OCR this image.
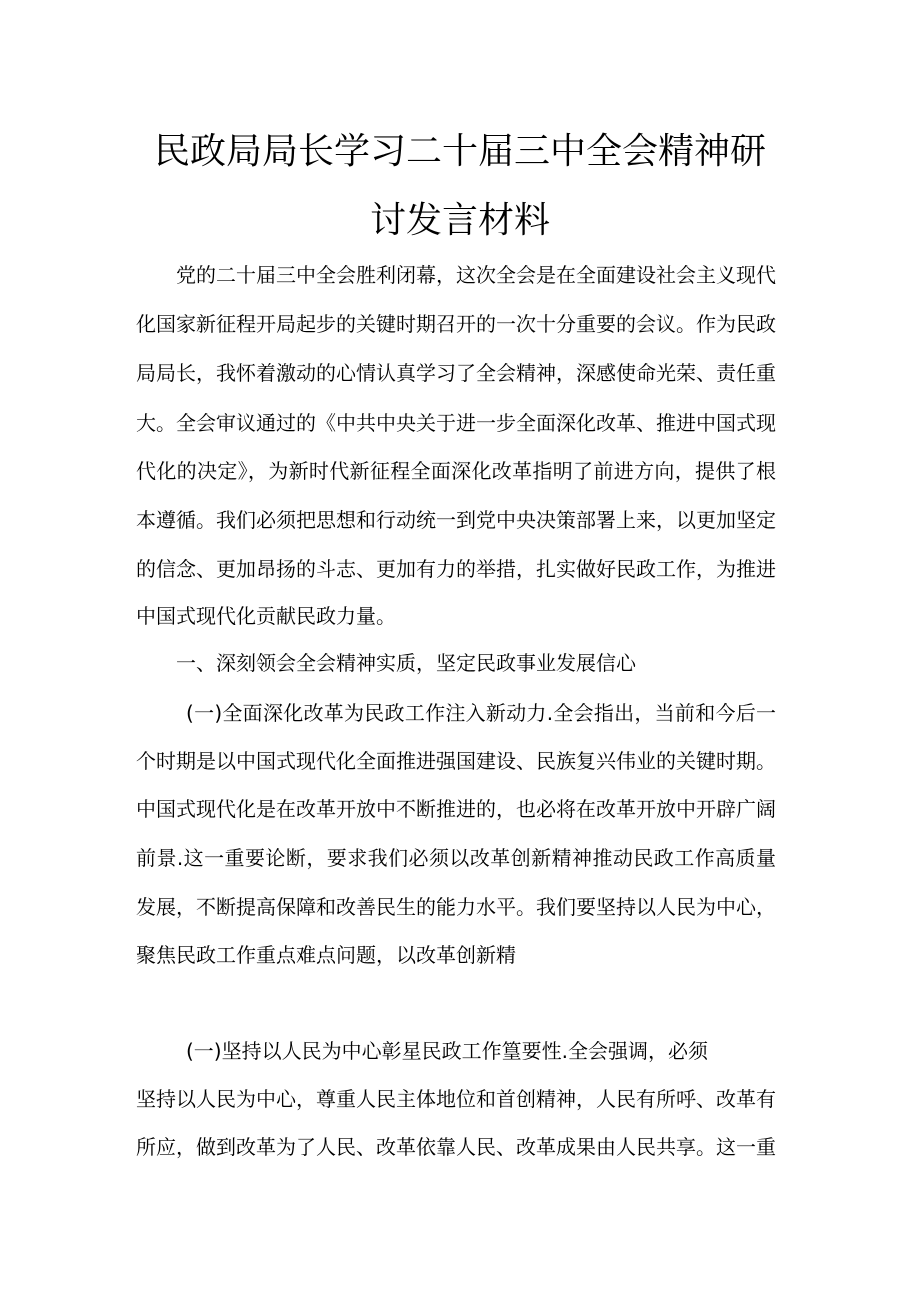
民政局局长学习二十届三中全会精神研
讨发言材料
党的二十届三中全会胜利闭幕，这次全会是在全面建设社会主义现代
化国家新征程开局起步的关键时期召开的一次十分重要的会议。作为民政
局局长，我怀着激动的心情认真学习了全会精神，深感使命光荣、责任重
大。全会审议通过的《中共中央关于进一步全面深化改革、推进中国式现
代化的决定》，为新时代新征程全面深化改革指明了前进方向，提供了根
本遵循。我们必须把思想和行动统一到党中央决策部署上来，以更加坚定
的信念、更加昂扬的斗志、更加有力的举措，扎实做好民政工作，为推进
中国式现代化贡献民政力量。
一、深刻领会全会精神实质，坚定民政事业发展信心
(一)全面深化改革为民政工作注入新动力.全会指出，当前和今后一
个时期是以中国式现代化全面推进强国建设、民族复兴伟业的关键时期。
中国式现代化是在改革开放中不断推进的，也必将在改革开放中开辟广阔
前景.这一重要论断，要求我们必须以改革创新精神推动民政工作高质量
发展，不断提高保障和改善民生的能力水平。我们要坚持以人民为中心，
聚焦民政工作重点难点问题，以改革创新精
(一)坚持以人民为中心彰星民政工作篁要性.全会强调，必须
坚持以人民为中心，尊重人民主体地位和首创精神，人民有所呼、改革有
所应，做到改革为了人民、改革依靠人民、改革成果由人民共享。这一重
